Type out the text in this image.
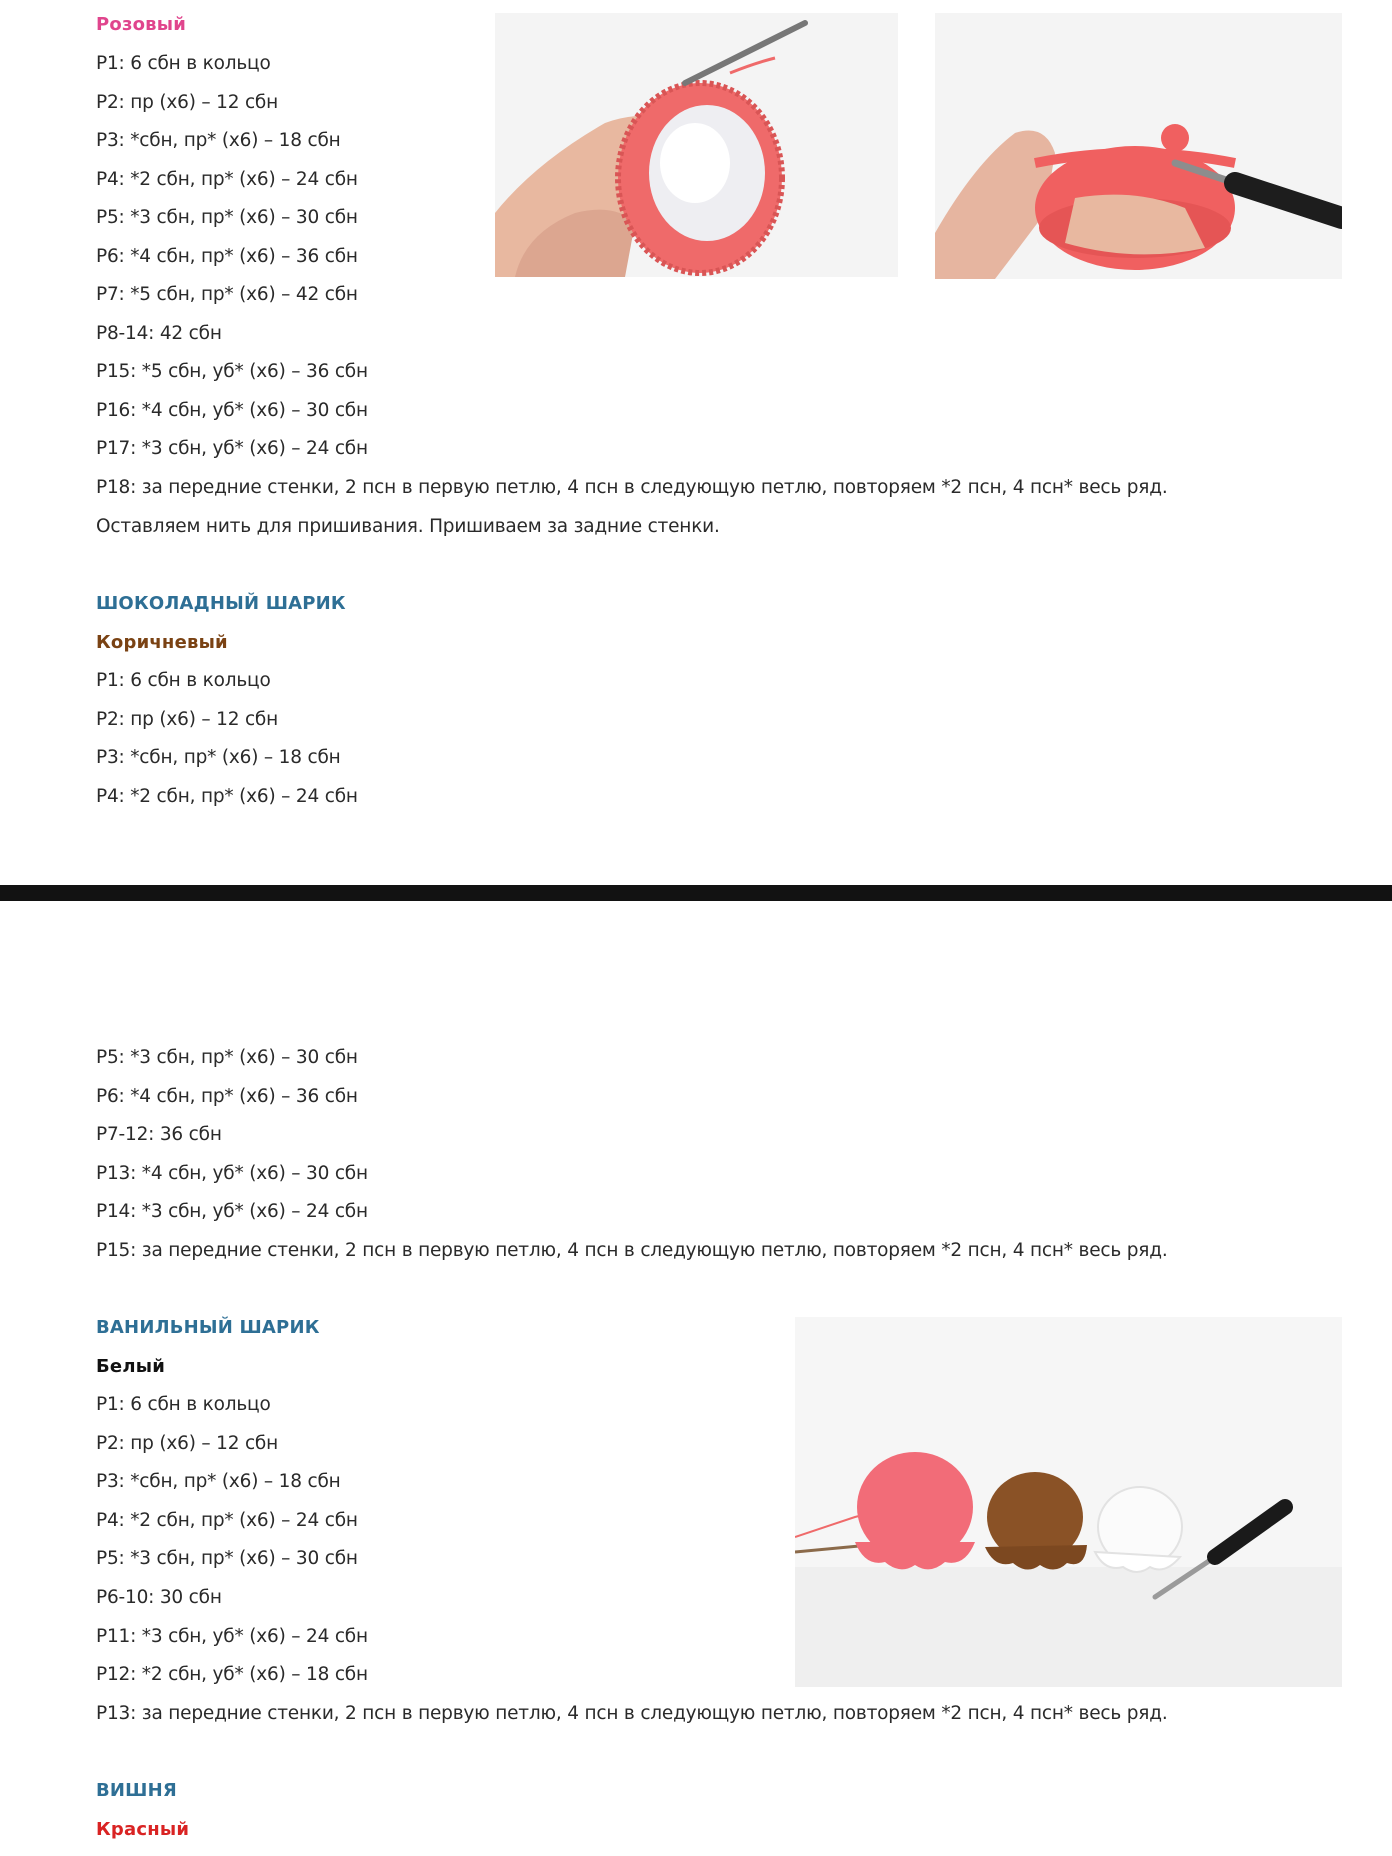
Розовый
Р1: 6 сбн в кольцо
Р2: пр (х6) – 12 сбн
Р3: *сбн, пр* (х6) – 18 сбн
Р4: *2 сбн, пр* (х6) – 24 сбн
Р5: *3 сбн, пр* (х6) – 30 сбн
Р6: *4 сбн, пр* (х6) – 36 сбн
Р7: *5 сбн, пр* (х6) – 42 сбн
Р8-14: 42 сбн
Р15: *5 сбн, уб* (х6) – 36 сбн
Р16: *4 сбн, уб* (х6) – 30 сбн
Р17: *3 сбн, уб* (х6) – 24 сбн
Р18: за передние стенки, 2 псн в первую петлю, 4 псн в следующую петлю, повторяем *2 псн, 4 псн* весь ряд.
Оставляем нить для пришивания. Пришиваем за задние стенки.
ШОКОЛАДНЫЙ ШАРИК
Коричневый
Р1: 6 сбн в кольцо
Р2: пр (х6) – 12 сбн
Р3: *сбн, пр* (х6) – 18 сбн
Р4: *2 сбн, пр* (х6) – 24 сбн
Р5: *3 сбн, пр* (х6) – 30 сбн
Р6: *4 сбн, пр* (х6) – 36 сбн
Р7-12: 36 сбн
Р13: *4 сбн, уб* (х6) – 30 сбн
Р14: *3 сбн, уб* (х6) – 24 сбн
Р15: за передние стенки, 2 псн в первую петлю, 4 псн в следующую петлю, повторяем *2 псн, 4 псн* весь ряд.
ВАНИЛЬНЫЙ ШАРИК
Белый
Р1: 6 сбн в кольцо
Р2: пр (х6) – 12 сбн
Р3: *сбн, пр* (х6) – 18 сбн
Р4: *2 сбн, пр* (х6) – 24 сбн
Р5: *3 сбн, пр* (х6) – 30 сбн
Р6-10: 30 сбн
Р11: *3 сбн, уб* (х6) – 24 сбн
Р12: *2 сбн, уб* (х6) – 18 сбн
Р13: за передние стенки, 2 псн в первую петлю, 4 псн в следующую петлю, повторяем *2 псн, 4 псн* весь ряд.
ВИШНЯ
Красный
